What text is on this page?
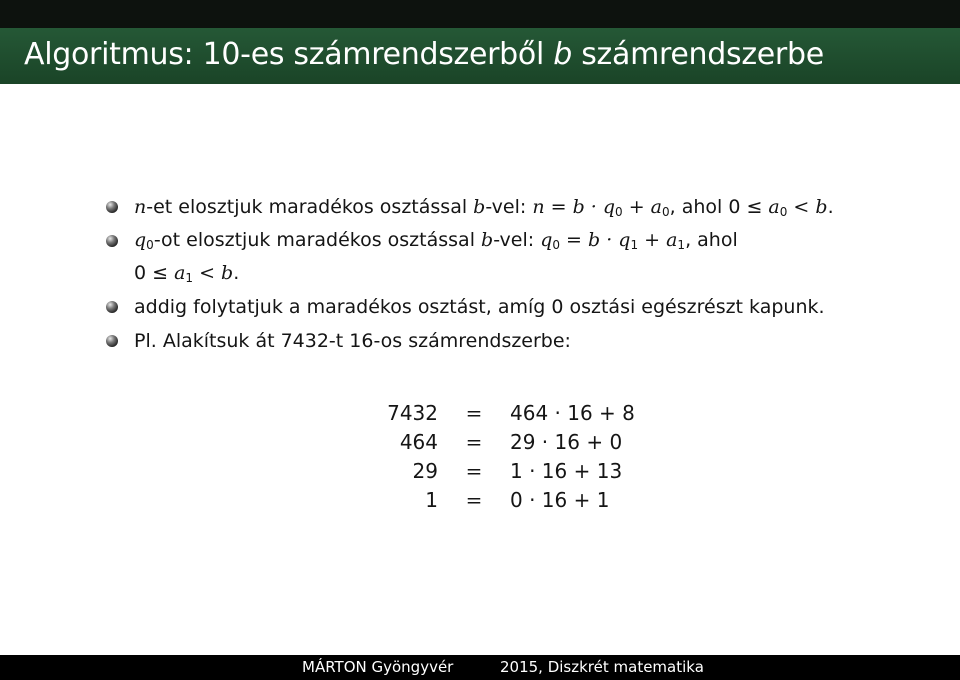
Algoritmus: 10-es számrendszerből b számrendszerbe
n-et elosztjuk maradékos osztással b-vel: $n = b \cdot q_0 + a_0$, ahol $0 \le a_0 < b$.
$q_0-ot$ elosztjuk maradékos osztással b-vel: $q_0 = b \cdot q_1 + a_1$, ahol
$0 \le a_1 < b$.
addig folytatjuk a maradékos osztást, amíg 0 osztási egészrészt kapunk.
Pl. Alakítsuk át 7432-t 16-os számrendszerbe:
7432	=	464 · 16 + 8
464	=	29 · 16 + 0
29	=	1 · 16 + 13
1	=	0 · 16 + 1
MÁRTON Gyöngyvér	2015, Diszkrét matematika
